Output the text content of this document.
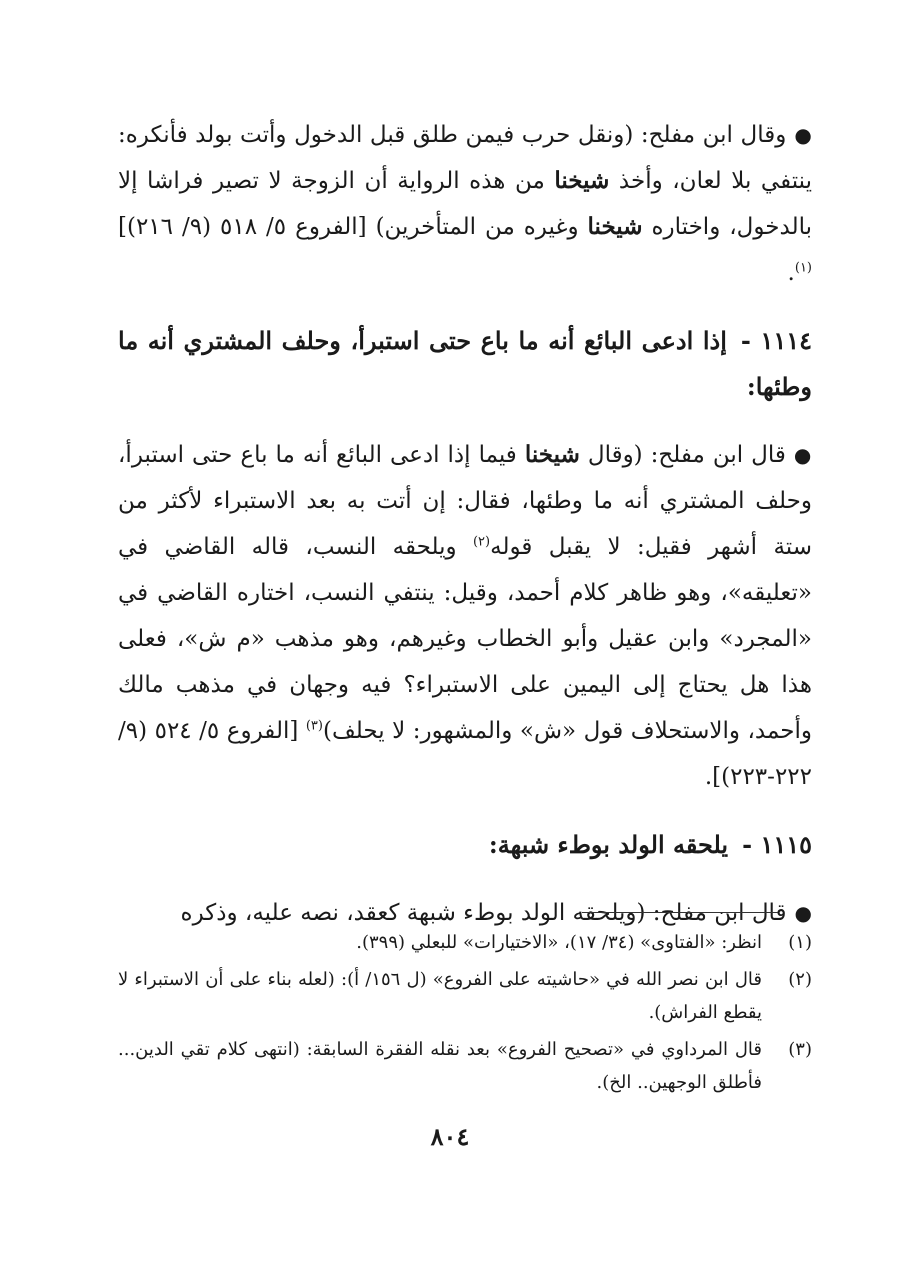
●وقال ابن مفلح: (ونقل حرب فيمن طلق قبل الدخول وأتت بولد فأنكره: ينتفي بلا لعان، وأخذ شيخنا من هذه الرواية أن الزوجة لا تصير فراشا إلا بالدخول، واختاره شيخنا وغيره من المتأخرين) [الفروع ٥/ ٥١٨ (٩/ ٢١٦)]$^{(١)}$.

١١١٤ -إذا ادعى البائع أنه ما باع حتى استبرأ، وحلف المشتري أنه ما وطئها:

●قال ابن مفلح: (وقال شيخنا فيما إذا ادعى البائع أنه ما باع حتى استبرأ، وحلف المشتري أنه ما وطئها، فقال: إن أتت به بعد الاستبراء لأكثر من ستة أشهر فقيل: لا يقبل قوله$^{(٢)}$ ويلحقه النسب، قاله القاضي في «تعليقه»، وهو ظاهر كلام أحمد، وقيل: ينتفي النسب، اختاره القاضي في «المجرد» وابن عقيل وأبو الخطاب وغيرهم، وهو مذهب «م ش»، فعلى هذا هل يحتاج إلى اليمين على الاستبراء؟ فيه وجهان في مذهب مالك وأحمد، والاستحلاف قول «ش» والمشهور: لا يحلف)$^{(٣)}$ [الفروع ٥/ ٥٢٤ (٩/ ٢٢٢-٢٢٣)].

١١١٥ -يلحقه الولد بوطء شبهة:

●قال ابن مفلح: (ويلحقه الولد بوطء شبهة كعقد، نصه عليه، وذكره

(١)
انظر: «الفتاوى» (٣٤/ ١٧)، «الاختيارات» للبعلي (٣٩٩).
(٢)
قال ابن نصر الله في «حاشيته على الفروع» (ل ١٥٦/ أ): (لعله بناء على أن الاستبراء لا يقطع الفراش).
(٣)
قال المرداوي في «تصحيح الفروع» بعد نقله الفقرة السابقة: (انتهى كلام تقي الدين... فأطلق الوجهين.. الخ).
٨٠٤
